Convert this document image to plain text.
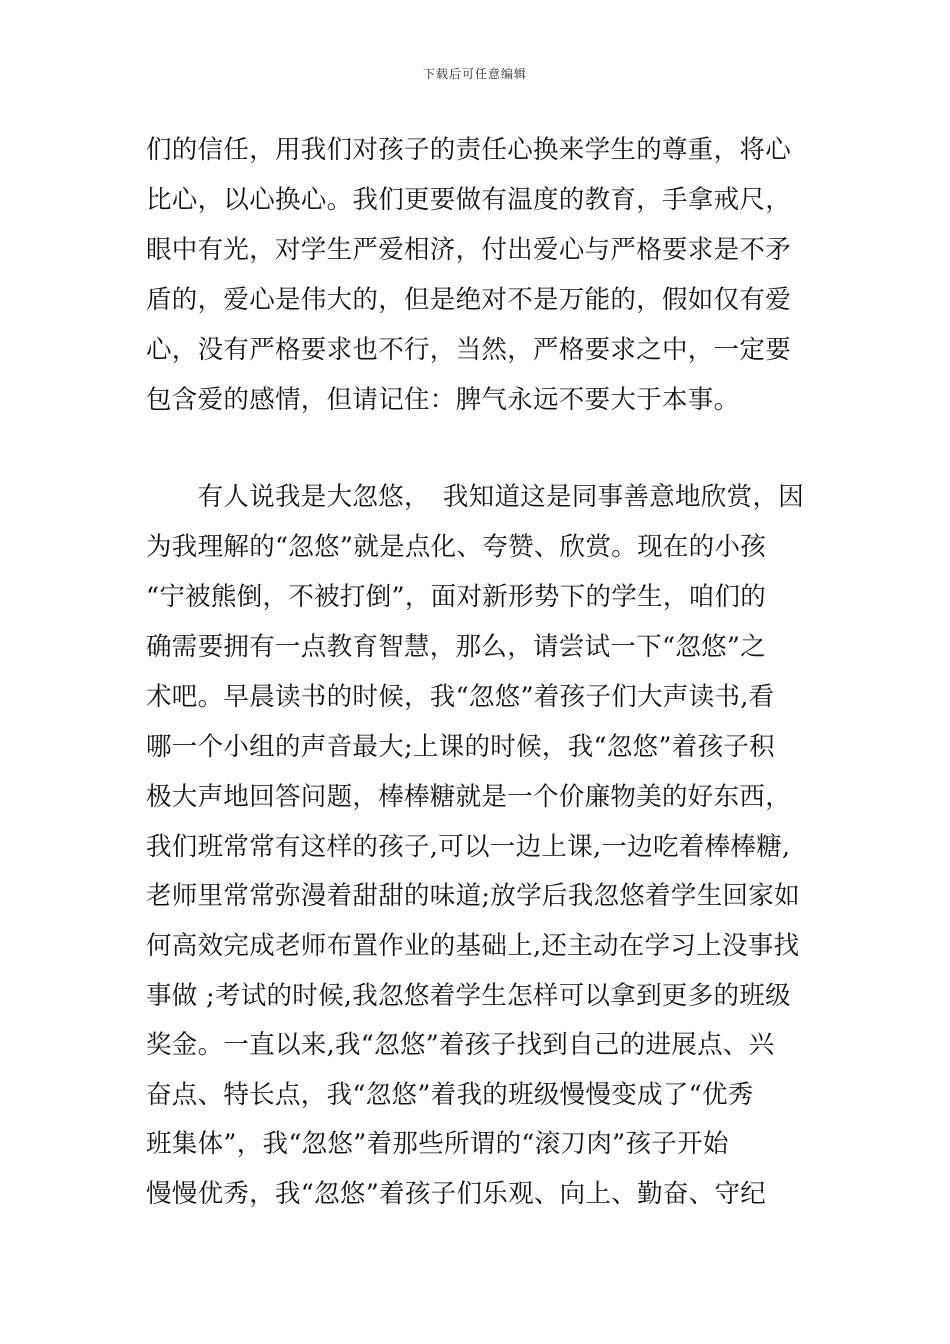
下载后可任意编辑
们的信任，用我们对孩子的责任心换来学生的尊重，将心
比心，以心换心。我们更要做有温度的教育，手拿戒尺，
眼中有光，对学生严爱相济，付出爱心与严格要求是不矛
盾的，爱心是伟大的，但是绝对不是万能的，假如仅有爱
心，没有严格要求也不行，当然，严格要求之中，一定要
包含爱的感情，但请记住：脾气永远不要大于本事。
　　有人说我是大忽悠，　我知道这是同事善意地欣赏，因
为我理解的“忽悠”就是点化、夸赞、欣赏。现在的小孩
“宁被熊倒，不被打倒”，面对新形势下的学生，咱们的
确需要拥有一点教育智慧，那么，请尝试一下“忽悠”之
术吧。早晨读书的时候，我“忽悠”着孩子们大声读书,看
哪一个小组的声音最大;上课的时候，我“忽悠”着孩子积
极大声地回答问题，棒棒糖就是一个价廉物美的好东西，
我们班常常有这样的孩子,可以一边上课,一边吃着棒棒糖,
老师里常常弥漫着甜甜的味道;放学后我忽悠着学生回家如
何高效完成老师布置作业的基础上,还主动在学习上没事找
事做 ;考试的时候,我忽悠着学生怎样可以拿到更多的班级
奖金。一直以来,我“忽悠”着孩子找到自己的进展点、兴
奋点、特长点，我“忽悠”着我的班级慢慢变成了“优秀
班集体”，我“忽悠”着那些所谓的“滚刀肉”孩子开始
慢慢优秀，我“忽悠”着孩子们乐观、向上、勤奋、守纪
